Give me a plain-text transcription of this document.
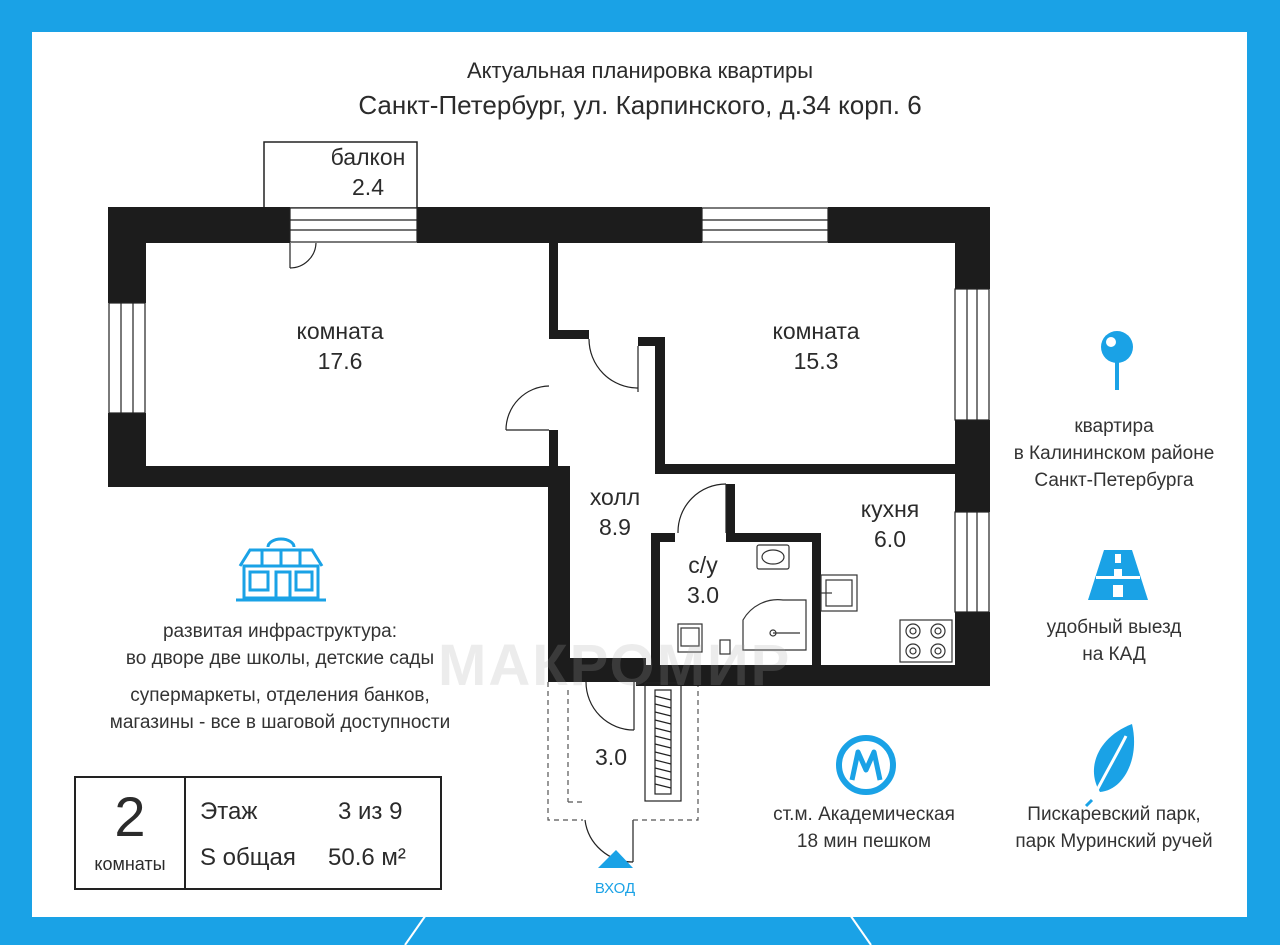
Актуальная планировка квартиры
Санкт-Петербург, ул. Карпинского, д.34 корп. 6
балкон
2.4
комната
17.6
комната
15.3
холл
8.9
кухня
6.0
с/у
3.0
3.0
ВХОД
МАКРОМИР
квартира
в Калининском районе
Санкт-Петербурга
удобный выезд
на КАД
ст.м. Академическая
18 мин пешком
Пискаревский парк,
парк Муринский ручей
развитая инфраструктура:
во дворе две школы, детские сады
супермаркеты, отделения банков,
магазины - все в шаговой доступности
2
комнаты
Этаж	3 из 9
S общая 50.6 м²
